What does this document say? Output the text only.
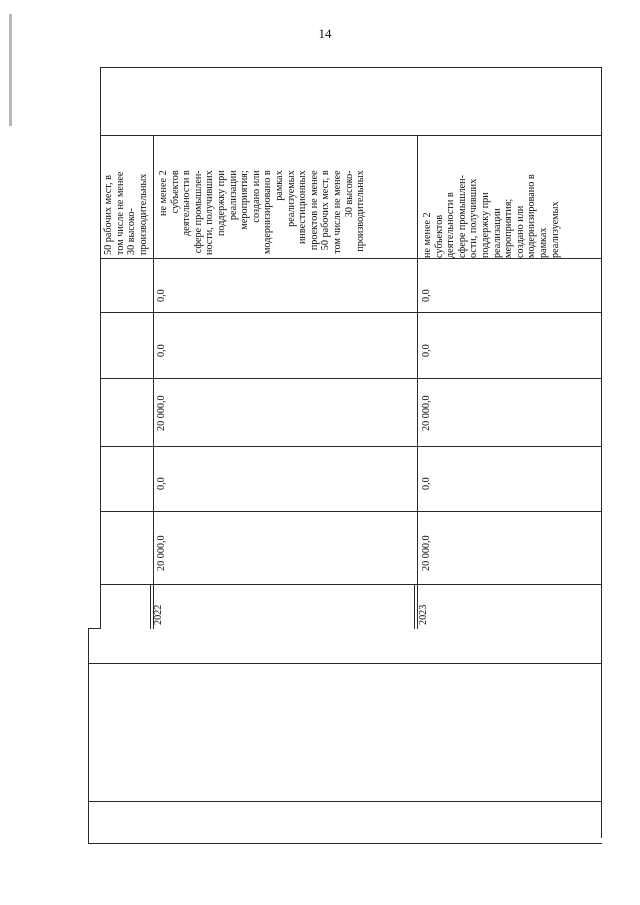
14
50 рабочих мест, в
том числе не менее
30 высоко-
производительных не менее 2
субъектов
деятельности в
сфере промышлен-
ности, получивших
поддержку при
реализации
мероприятия;
создано или
модернизировано в
рамках
реализуемых
инвестиционных
проектов не менее
50 рабочих мест, в
том числе не менее
30 высоко-
производительных
0,0
0,0
20 000,0
0,0
20 000,0
2022
не менее 2
субъектов
деятельности в
сфере промышлен-
ости, получивших
поддержку при
реализации
мероприятия;
создано или
модернизировано в
рамках
реализуемых
0,0
0,0
20 000,0
0,0
20 000,0
2023
